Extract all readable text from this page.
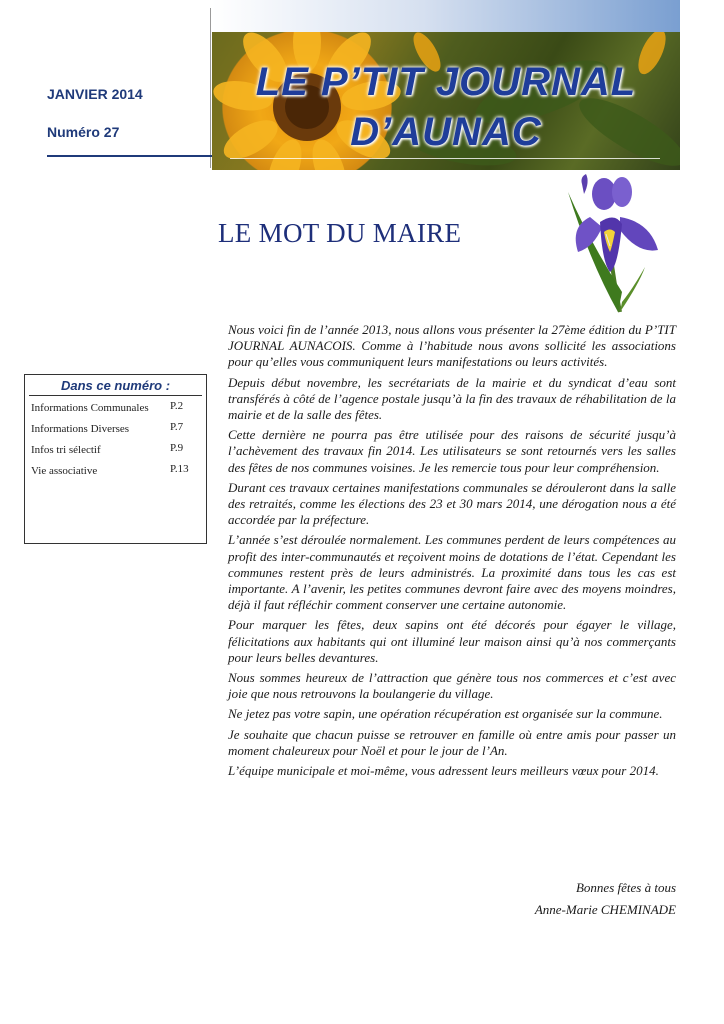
JANVIER 2014
Numéro 27
LE P’TIT JOURNAL
D’AUNAC
LE MOT DU MAIRE
Dans ce numéro :
Informations Communales P.2
Informations Diverses	P.7
Infos tri sélectif	P.9
Vie associative	P.13

Nous voici fin de l’année 2013, nous allons vous présenter la 27ème édition du P’TIT JOURNAL AUNACOIS. Comme à l’habitude nous avons sollicité les associations pour qu’elles vous communiquent leurs manifestations ou leurs activités.

Depuis début novembre, les secrétariats de la mairie et du syndicat d’eau sont transférés à côté de l’agence postale jusqu’à la fin des travaux de réhabilitation de la mairie et de la salle des fêtes.

Cette dernière ne pourra pas être utilisée pour des raisons de sécurité jusqu’à l’achèvement des travaux fin 2014. Les utilisateurs se sont retournés vers les salles des fêtes de nos communes voisines. Je les remercie tous pour leur compréhension.

Durant ces travaux certaines manifestations communales se dérouleront dans la salle des retraités, comme les élections des 23 et 30 mars 2014, une dérogation nous a été accordée par la préfecture.

L’année s’est déroulée normalement. Les communes perdent de leurs compétences au profit des inter-communautés et reçoivent moins de dotations de l’état. Cependant les communes restent près de leurs administrés. La proximité dans tous les cas est importante. A l’avenir, les petites communes devront faire avec des moyens moindres, déjà il faut réfléchir comment conserver une certaine autonomie.

Pour marquer les fêtes, deux sapins ont été décorés pour égayer le village, félicitations aux habitants qui ont illuminé leur maison ainsi qu’à nos commerçants pour leurs belles devantures.

Nous sommes heureux de l’attraction que génère tous nos commerces et c’est avec joie que nous retrouvons la boulangerie du village.

Ne jetez pas votre sapin, une opération récupération est organisée sur la commune.

Je souhaite que chacun puisse se retrouver en famille où entre amis pour passer un moment chaleureux pour Noël et pour le jour de l’An.

L’équipe municipale et moi-même, vous adressent leurs meilleurs vœux pour 2014.

Bonnes fêtes à tous
Anne-Marie CHEMINADE
